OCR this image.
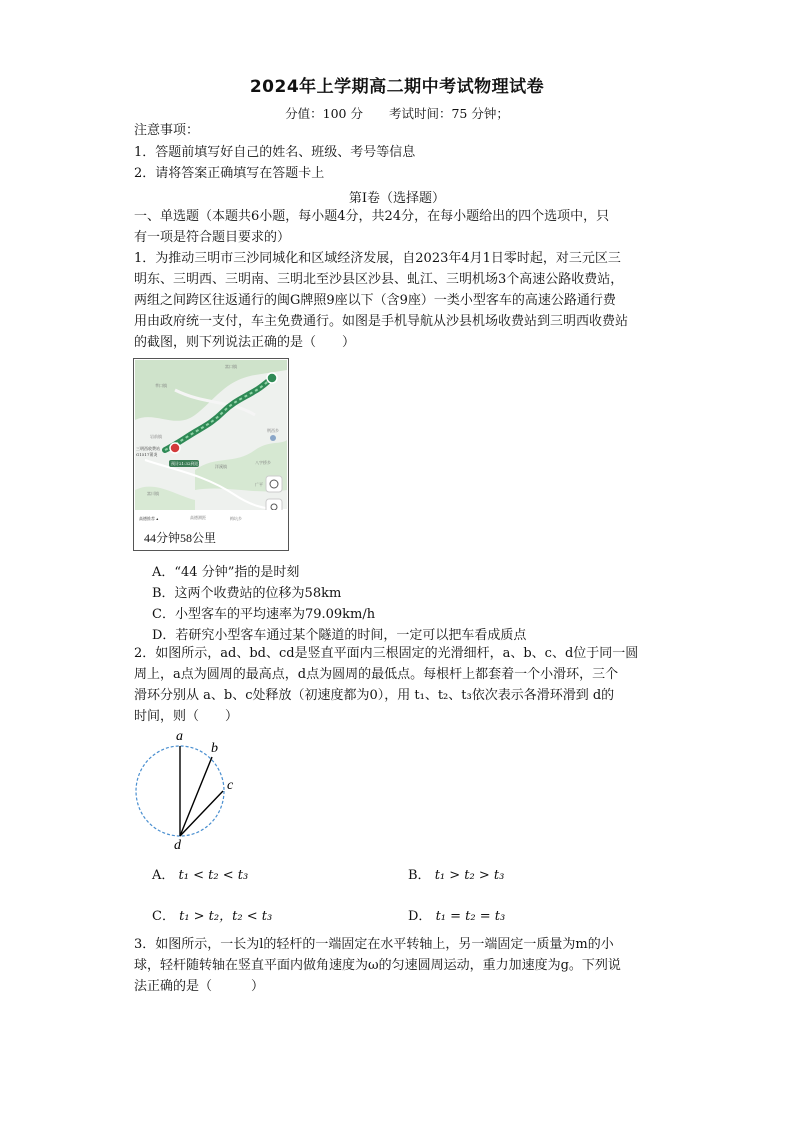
2024年上学期高二期中考试物理试卷
分值：100 分 考试时间：75 分钟；
注意事项：
1．答题前填写好自己的姓名、班级、考号等信息
2．请将答案正确填写在答题卡上
第I卷（选择题）
一、单选题（本题共6小题，每小题4分，共24分，在每小题给出的四个选项中，只
有一项是符合题目要求的）
1．为推动三明市三沙同城化和区域经济发展，自2023年4月1日零时起，对三元区三
明东、三明西、三明南、三明北至沙县区沙县、虬江、三明机场3个高速公路收费站，
两组之间跨区往返通行的闽G牌照9座以下（含9座）一类小型客车的高速公路通行费
用由政府统一支付，车主免费通行。如图是手机导航从沙县机场收费站到三明西收费站
的截图，则下列说法正确的是（　　）
莘口镇
富口镇
岩前镇
荆西乡
八字桥乡
洋溪镇
梅坑乡
富川镇
广平
高德测距
三明西收费站
G1517莆炎
预计21:32到达
高德推荐 ▴
44分钟58公里
A．“44 分钟”指的是时刻
B．这两个收费站的位移为58km
C．小型客车的平均速率为79.09km/h
D．若研究小型客车通过某个隧道的时间，一定可以把车看成质点
2．如图所示，ad、bd、cd是竖直平面内三根固定的光滑细杆，a、b、c、d位于同一圆
周上，a点为圆周的最高点，d点为圆周的最低点。每根杆上都套着一个小滑环，三个
滑环分别从 a、b、c处释放（初速度都为0），用 t₁、t₂、t₃依次表示各滑环滑到 d的
时间，则（　　）
a
b
c
d
A． t₁ < t₂ < t₃	B． t₁ > t₂ > t₃
C． t₁ > t₂，t₂ < t₃	D． t₁ = t₂ = t₃
3．如图所示，一长为l的轻杆的一端固定在水平转轴上，另一端固定一质量为m的小
球，轻杆随转轴在竖直平面内做角速度为ω的匀速圆周运动，重力加速度为g。下列说
法正确的是（　　　）
